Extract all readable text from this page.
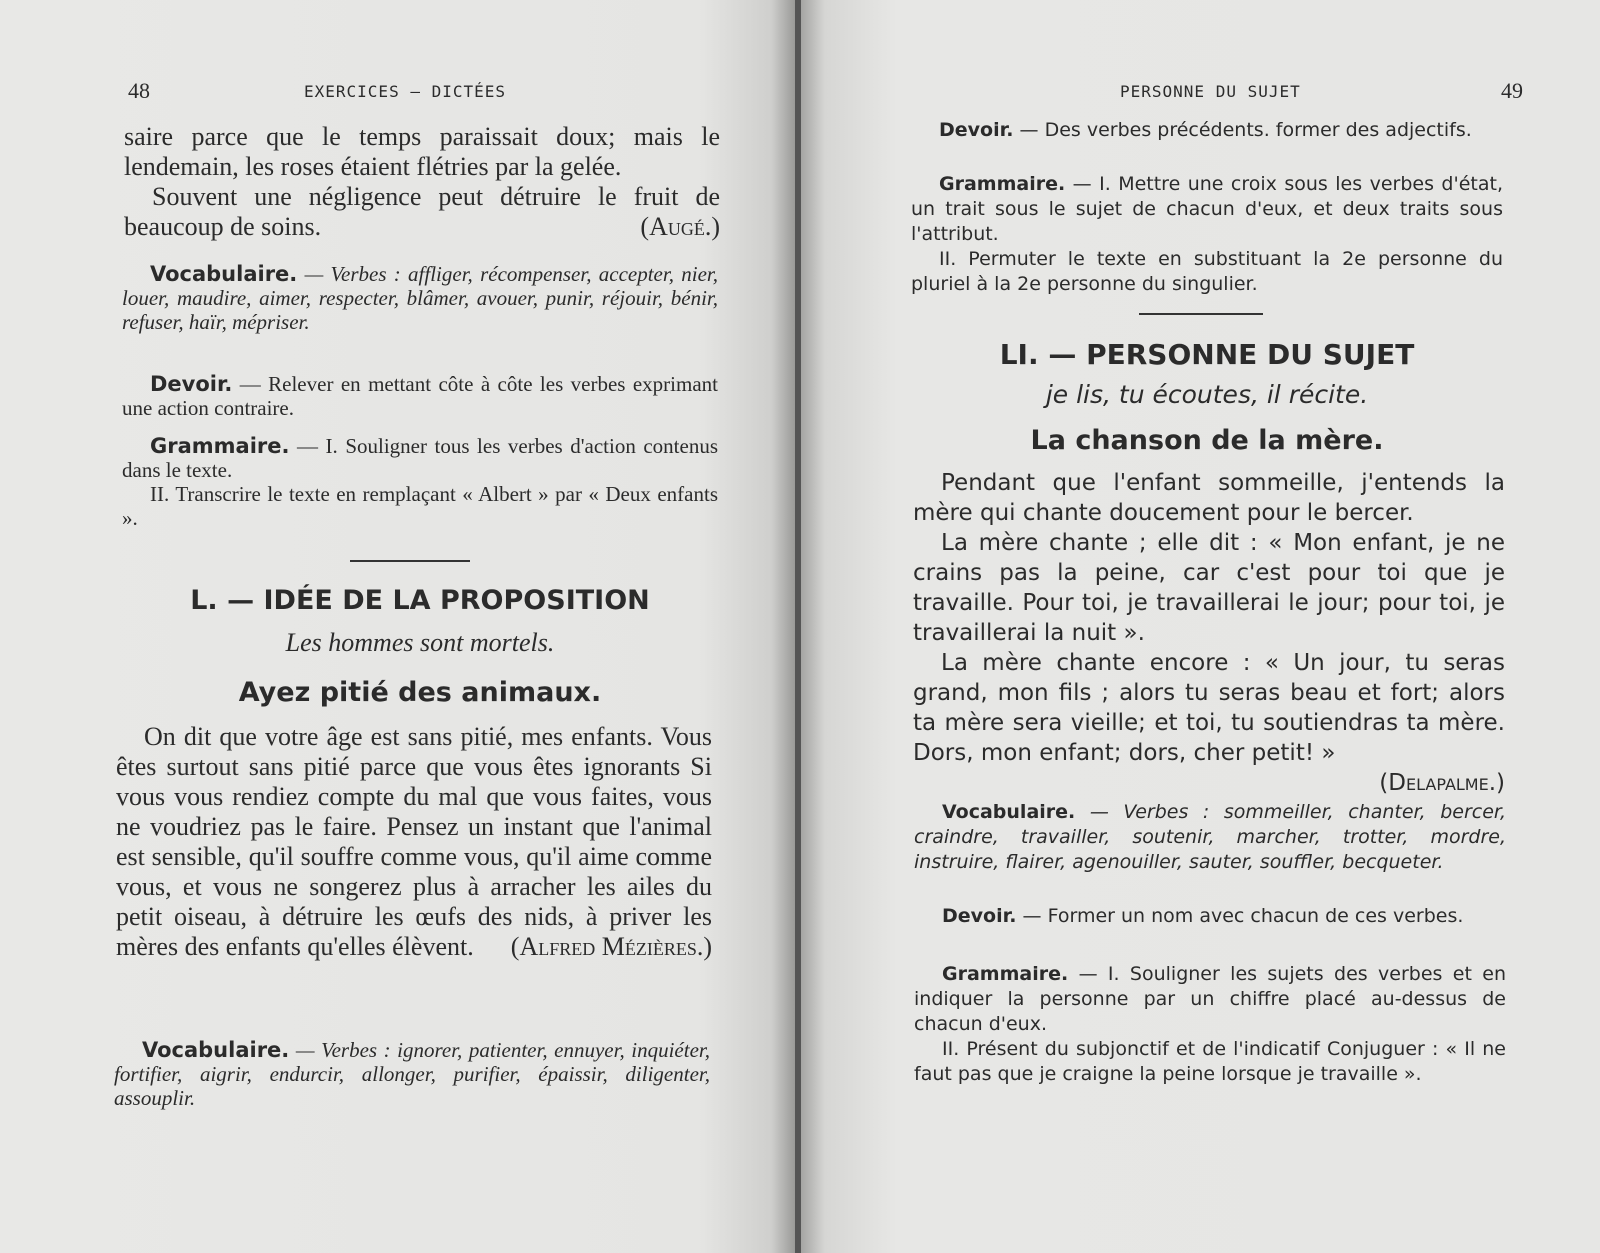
48	EXERCICES — DICTÉES

saire parce que le temps paraissait doux; mais le lendemain, les roses étaient flétries par la gelée.

Souvent une négligence peut détruire le fruit de beaucoup de soins.	(Augé.)

Vocabulaire. — Verbes : affliger, récompenser, accepter, nier, louer, maudire, aimer, respecter, blâmer, avouer, punir, réjouir, bénir, refuser, haïr, mépriser.

Devoir. — Relever en mettant côte à côte les verbes exprimant une action contraire.

Grammaire. — I. Souligner tous les verbes d'action contenus dans le texte.

II. Transcrire le texte en remplaçant « Albert » par « Deux enfants ».

L. — IDÉE DE LA PROPOSITION
Les hommes sont mortels.
Ayez pitié des animaux.

On dit que votre âge est sans pitié, mes enfants. Vous êtes surtout sans pitié parce que vous êtes ignorants Si vous vous rendiez compte du mal que vous faites, vous ne voudriez pas le faire. Pensez un instant que l'animal est sensible, qu'il souffre comme vous, qu'il aime comme vous, et vous ne songerez plus à arracher les ailes du petit oiseau, à détruire les œufs des nids, à priver les mères des enfants qu'elles élèvent.	(Alfred Mézières.)

Vocabulaire. — Verbes : ignorer, patienter, ennuyer, inquiéter, fortifier, aigrir, endurcir, allonger, purifier, épaissir, diligenter, assouplir.

PERSONNE DU SUJET	49

Devoir. — Des verbes précédents. former des adjectifs.

Grammaire. — I. Mettre une croix sous les verbes d'état, un trait sous le sujet de chacun d'eux, et deux traits sous l'attribut.

II. Permuter le texte en substituant la 2e personne du pluriel à la 2e personne du singulier.

LI. — PERSONNE DU SUJET
je lis, tu écoutes, il récite.
La chanson de la mère.

Pendant que l'enfant sommeille, j'entends la mère qui chante doucement pour le bercer.

La mère chante ; elle dit : « Mon enfant, je ne crains pas la peine, car c'est pour toi que je travaille. Pour toi, je travaillerai le jour; pour toi, je travaillerai la nuit ».

La mère chante encore : « Un jour, tu seras grand, mon fils ; alors tu seras beau et fort; alors ta mère sera vieille; et toi, tu soutiendras ta mère. Dors, mon enfant; dors, cher petit! »

(Delapalme.)

Vocabulaire. — Verbes : sommeiller, chanter, bercer, craindre, travailler, soutenir, marcher, trotter, mordre, instruire, flairer, agenouiller, sauter, souffler, becqueter.

Devoir. — Former un nom avec chacun de ces verbes.

Grammaire. — I. Souligner les sujets des verbes et en indiquer la personne par un chiffre placé au-dessus de chacun d'eux.

II. Présent du subjonctif et de l'indicatif Conjuguer : « Il ne faut pas que je craigne la peine lorsque je travaille ».
